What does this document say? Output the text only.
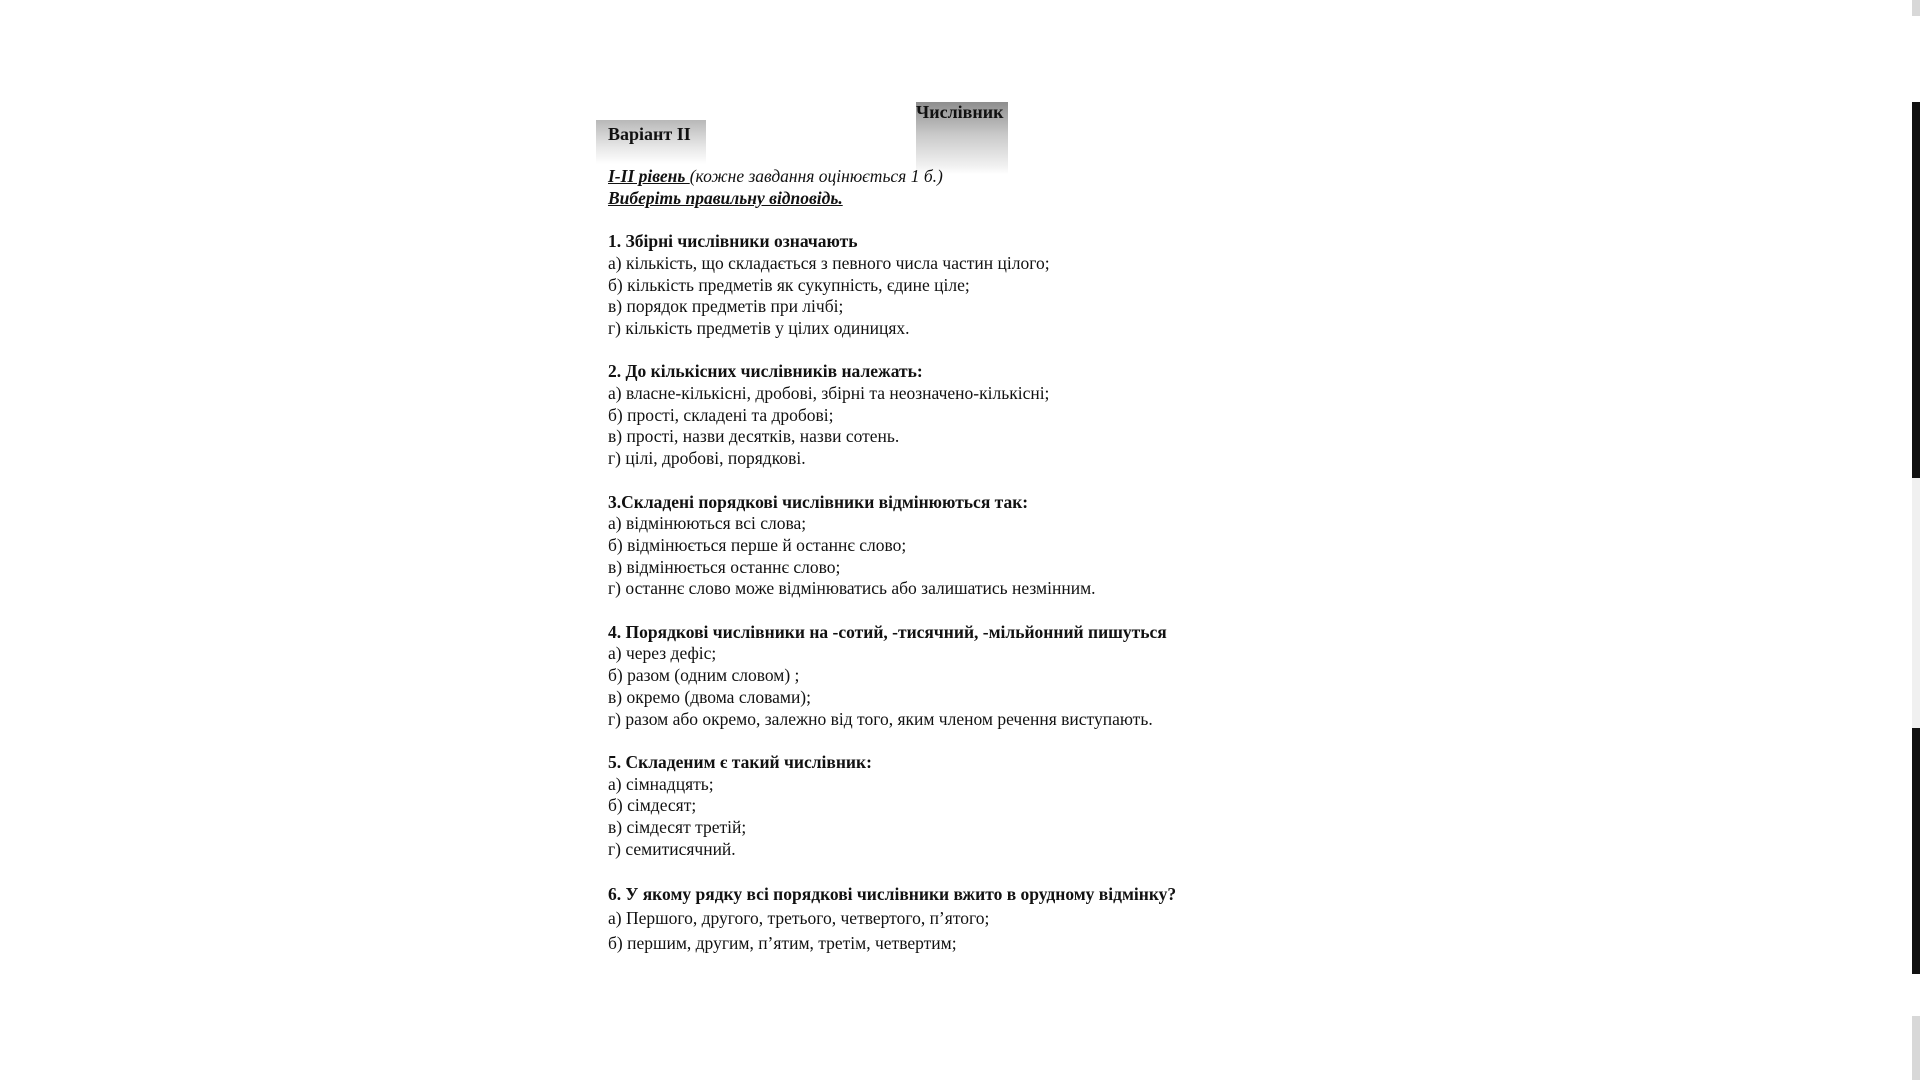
Варіант ІІ
Числівник
І-ІІ рівень (кожне завдання оцінюється 1 б.)
Виберіть правильну відповідь.
1. Збірні числівники означають
а) кількість, що складається з певного числа частин цілого;
б) кількість предметів як сукупність, єдине ціле;
в) порядок предметів при лічбі;
г) кількість предметів у цілих одиницях.
2. До кількісних числівників належать:
а) власне-кількісні, дробові, збірні та неозначено-кількісні;
б) прості, складені та дробові;
в) прості, назви десятків, назви сотень.
г) цілі, дробові, порядкові.
3.Складені порядкові числівники відмінюються так:
а) відмінюються всі слова;
б) відмінюється перше й останнє слово;
в) відмінюється останнє слово;
г) останнє слово може відмінюватись або залишатись незмінним.
4. Порядкові числівники на -сотий, -тисячний, -мільйонний пишуться
а) через дефіс;
б) разом (одним словом) ;
в) окремо (двома словами);
г) разом або окремо, залежно від того, яким членом речення виступають.
5. Складеним є такий числівник:
а) сімнадцять;
б) сімдесят;
в) сімдесят третій;
г) семитисячний.
6. У якому рядку всі порядкові числівники вжито в орудному відмінку?
а) Першого, другого, третього, четвертого, п’ятого;
б) першим, другим, п’ятим, третім, четвертим;
